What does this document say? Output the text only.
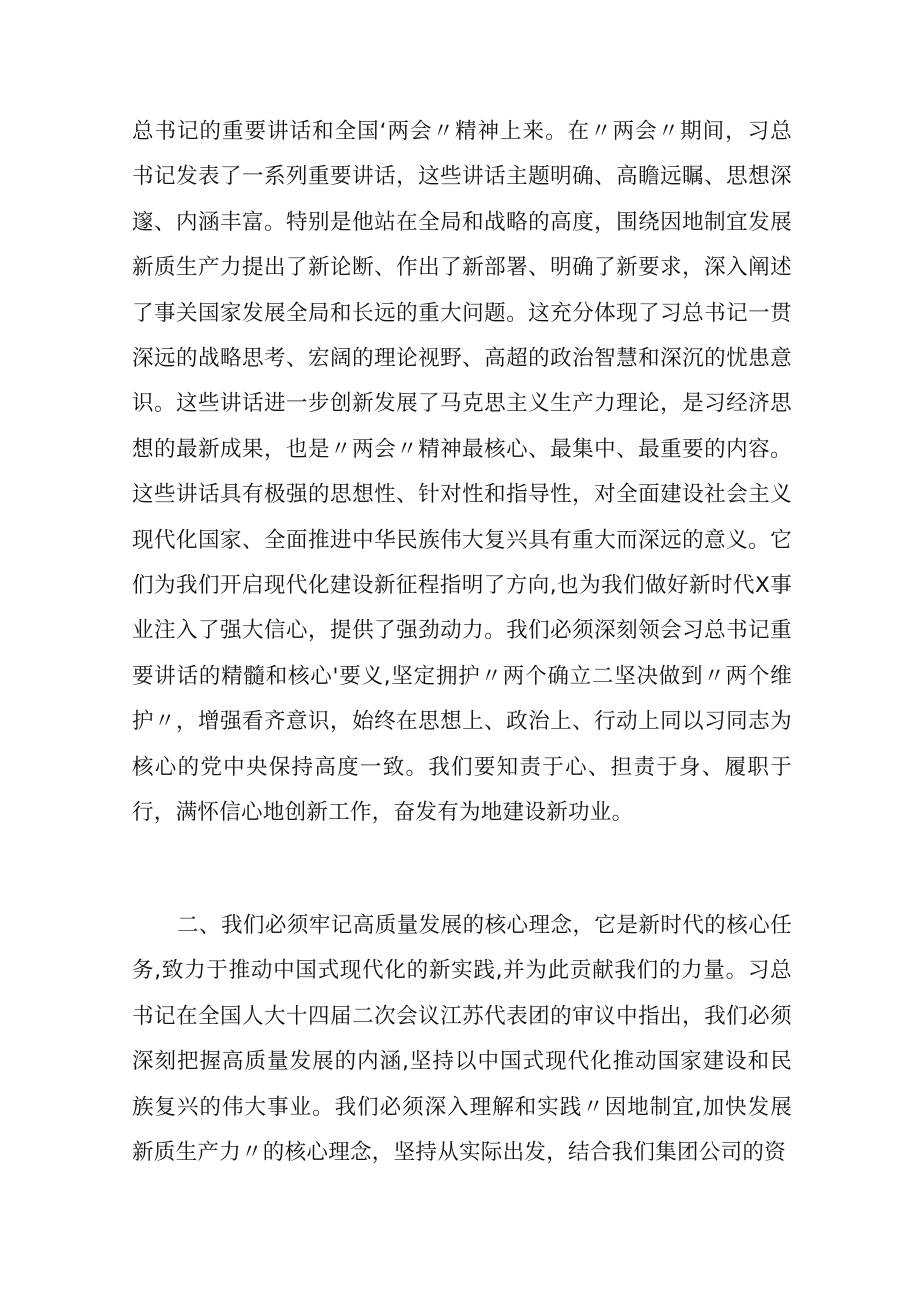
总书记的重要讲话和全国‘两会〃精神上来。在〃两会〃期间，习总书记发表了一系列重要讲话，这些讲话主题明确、高瞻远瞩、思想深邃、内涵丰富。特别是他站在全局和战略的高度，围绕因地制宜发展新质生产力提出了新论断、作出了新部署、明确了新要求，深入阐述了事关国家发展全局和长远的重大问题。这充分体现了习总书记一贯深远的战略思考、宏阔的理论视野、高超的政治智慧和深沉的忧患意识。这些讲话进一步创新发展了马克思主义生产力理论，是习经济思想的最新成果，也是〃两会〃精神最核心、最集中、最重要的内容。这些讲话具有极强的思想性、针对性和指导性，对全面建设社会主义现代化国家、全面推进中华民族伟大复兴具有重大而深远的意义。它们为我们开启现代化建设新征程指明了方向,也为我们做好新时代X事业注入了强大信心，提供了强劲动力。我们必须深刻领会习总书记重要讲话的精髓和核心'要义,坚定拥护〃两个确立二坚决做到〃两个维护〃，增强看齐意识，始终在思想上、政治上、行动上同以习同志为核心的党中央保持高度一致。我们要知责于心、担责于身、履职于行，满怀信心地创新工作，奋发有为地建设新功业。

二、我们必须牢记高质量发展的核心理念，它是新时代的核心任务,致力于推动中国式现代化的新实践,并为此贡献我们的力量。习总书记在全国人大十四届二次会议江苏代表团的审议中指出，我们必须深刻把握高质量发展的内涵,坚持以中国式现代化推动国家建设和民族复兴的伟大事业。我们必须深入理解和实践〃因地制宜,加快发展新质生产力〃的核心理念，坚持从实际出发，结合我们集团公司的资
